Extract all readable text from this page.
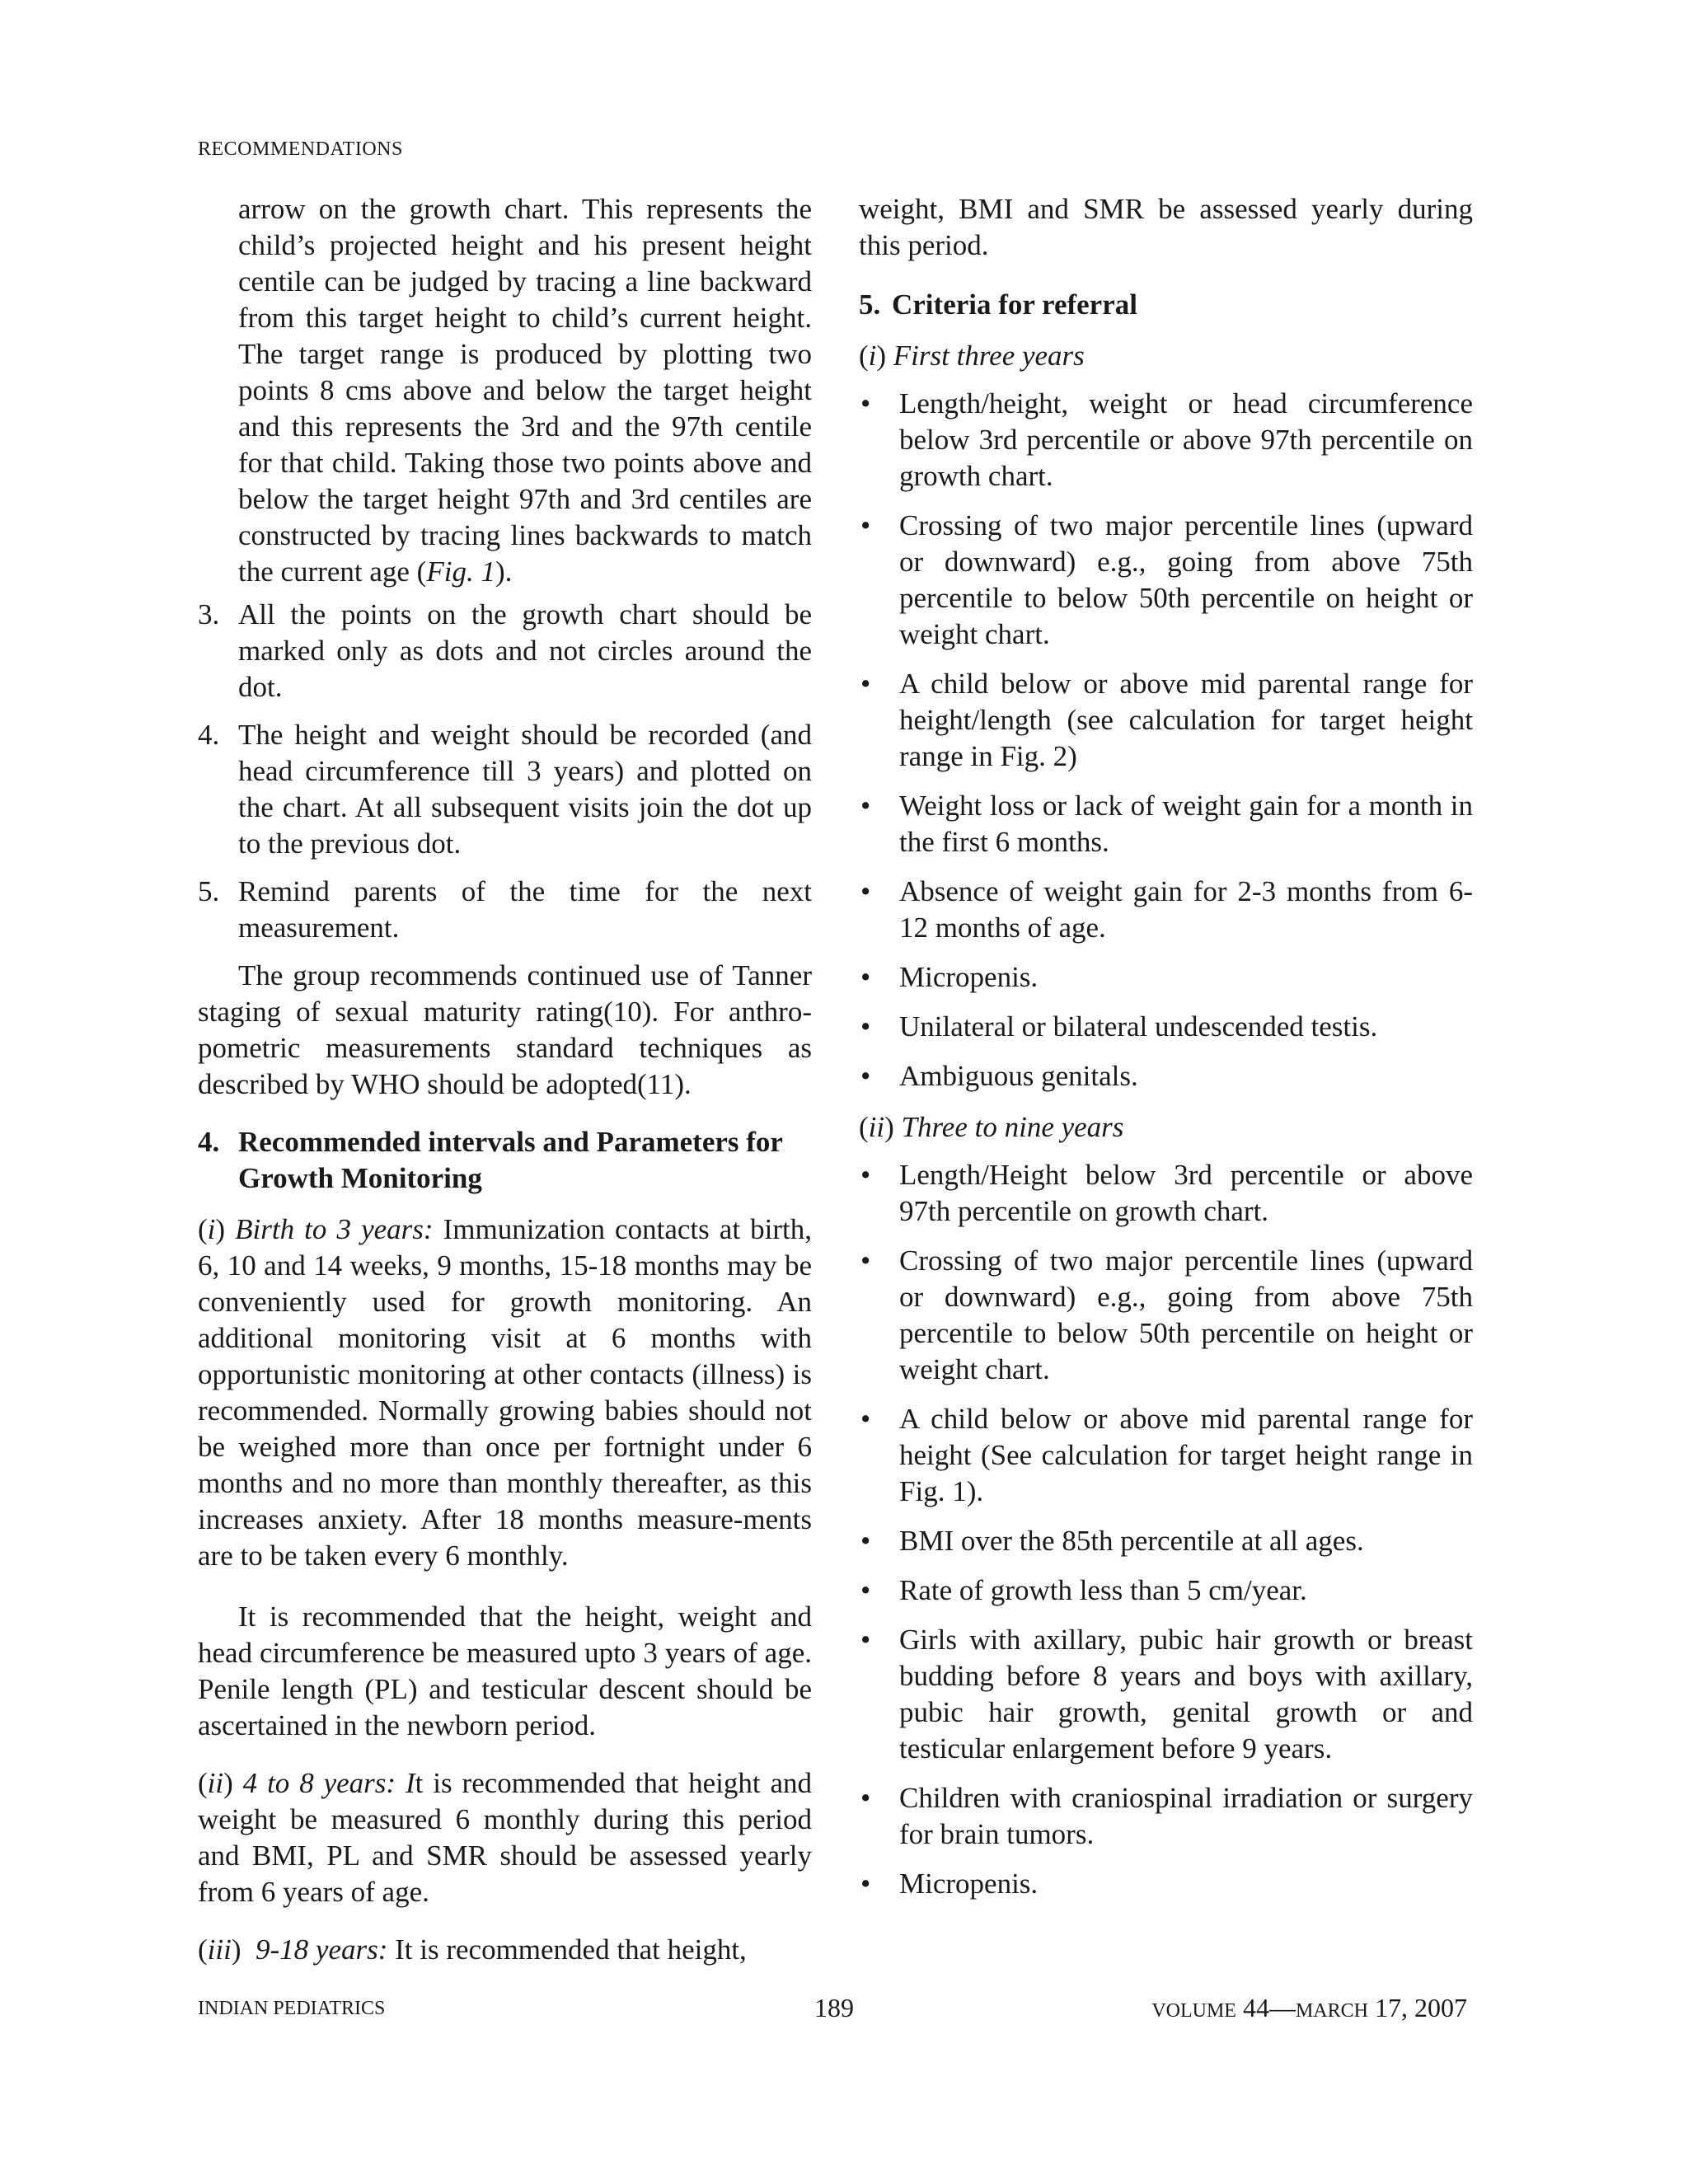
RECOMMENDATIONS

arrow on the growth chart. This represents the child’s projected height and his present height centile can be judged by tracing a line backward from this target height to child’s current height. The target range is produced by plotting two points 8 cms above and below the target height and this represents the 3rd and the 97th centile for that child. Taking those two points above and below the target height 97th and 3rd centiles are constructed by tracing lines backwards to match the current age (Fig. 1).

3. All the points on the growth chart should be marked only as dots and not circles around the dot.
4. The height and weight should be recorded (and head circumference till 3 years) and plotted on the chart. At all subsequent visits join the dot up to the previous dot.
5. Remind parents of the time for the next measurement.

The group recommends continued use of Tanner staging of sexual maturity rating(10). For anthro-pometric measurements standard techniques as described by WHO should be adopted(11).

4. Recommended intervals and Parameters for Growth Monitoring

(i) Birth to 3 years: Immunization contacts at birth, 6, 10 and 14 weeks, 9 months, 15-18 months may be conveniently used for growth monitoring. An additional monitoring visit at 6 months with opportunistic monitoring at other contacts (illness) is recommended. Normally growing babies should not be weighed more than once per fortnight under 6 months and no more than monthly thereafter, as this increases anxiety. After 18 months measure-ments are to be taken every 6 monthly.

It is recommended that the height, weight and head circumference be measured upto 3 years of age. Penile length (PL) and testicular descent should be ascertained in the newborn period.

(ii) 4 to 8 years: It is recommended that height and weight be measured 6 monthly during this period and BMI, PL and SMR should be assessed yearly from 6 years of age.

(iii)  9-18 years: It is recommended that height,

weight, BMI and SMR be assessed yearly during this period.

5. Criteria for referral
(i) First three years
• Length/height, weight or head circumference below 3rd percentile or above 97th percentile on growth chart.
• Crossing of two major percentile lines (upward or downward) e.g., going from above 75th percentile to below 50th percentile on height or weight chart.
• A child below or above mid parental range for height/length (see calculation for target height range in Fig. 2)
• Weight loss or lack of weight gain for a month in the first 6 months.
• Absence of weight gain for 2-3 months from 6-12 months of age.
• Micropenis.
• Unilateral or bilateral undescended testis.
• Ambiguous genitals.
(ii) Three to nine years
• Length/Height below 3rd percentile or above 97th percentile on growth chart.
• Crossing of two major percentile lines (upward or downward) e.g., going from above 75th percentile to below 50th percentile on height or weight chart.
• A child below or above mid parental range for height (See calculation for target height range in Fig. 1).
• BMI over the 85th percentile at all ages.
• Rate of growth less than 5 cm/year.
• Girls with axillary, pubic hair growth or breast budding before 8 years and boys with axillary, pubic hair growth, genital growth or and testicular enlargement before 9 years.
• Children with craniospinal irradiation or surgery for brain tumors.
• Micropenis.
INDIAN PEDIATRICS	189	VOLUME 44—MARCH 17, 2007
